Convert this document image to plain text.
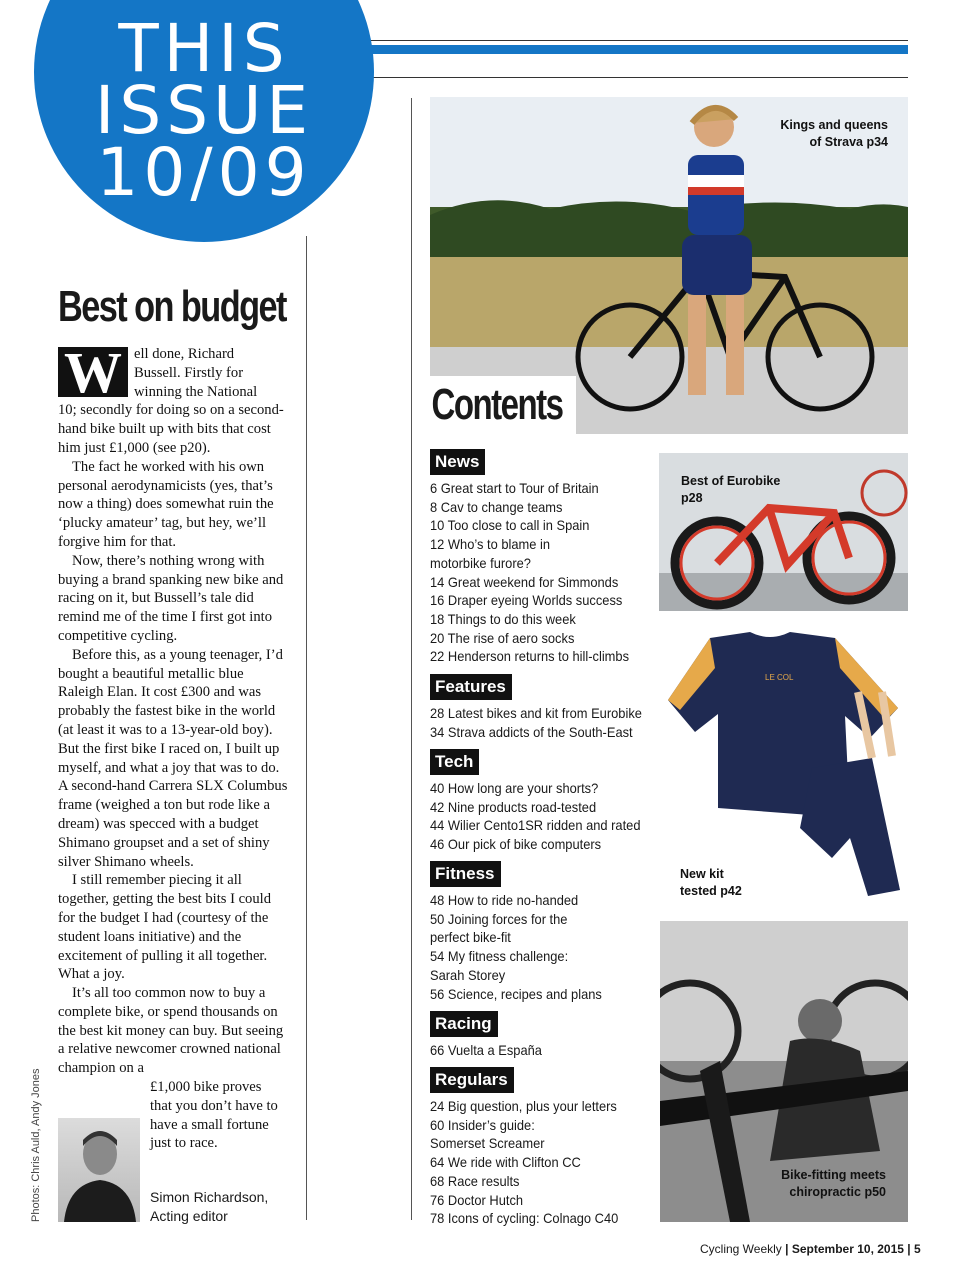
THIS
ISSUE
10/09
Best on budget
W ell done, Richard
Bussell. Firstly for
winning the National

10; secondly for doing so on a second-hand bike built up with bits that cost him just £1,000 (see p20).

The fact he worked with his own personal aerodynamicists (yes, that’s now a thing) does somewhat ruin the ‘plucky amateur’ tag, but hey, we’ll forgive him for that.

Now, there’s nothing wrong with buying a brand spanking new bike and racing on it, but Bussell’s tale did remind me of the time I first got into competitive cycling.

Before this, as a young teenager, I’d bought a beautiful metallic blue Raleigh Elan. It cost £300 and was probably the fastest bike in the world (at least it was to a 13-year-old boy). But the first bike I raced on, I built up myself, and what a joy that was to do. A second-hand Carrera SLX Columbus frame (weighed a ton but rode like a dream) was specced with a budget Shimano groupset and a set of shiny silver Shimano wheels.

I still remember piecing it all together, getting the best bits I could for the budget I had (courtesy of the student loans initiative) and the excitement of pulling it all together. What a joy.

It’s all too common now to buy a complete bike, or spend thousands on the best kit money can buy. But seeing a relative newcomer crowned national champion on a

£1,000 bike proves
that you don’t have to
have a small fortune
just to race.
Simon Richardson,
Acting editor
Photos: Chris Auld, Andy Jones
Kings and queens
of Strava p34
Contents
Best of Eurobike
p28
LE COL
New kit
tested p42
Bike-fitting meets
chiropractic p50
News
6 Great start to Tour of Britain
8 Cav to change teams
10 Too close to call in Spain
12 Who’s to blame in
motorbike furore?
14 Great weekend for Simmonds
16 Draper eyeing Worlds success
18 Things to do this week
20 The rise of aero socks
22 Henderson returns to hill-climbs
Features
28 Latest bikes and kit from Eurobike
34 Strava addicts of the South-East
Tech
40 How long are your shorts?
42 Nine products road-tested
44 Wilier Cento1SR ridden and rated
46 Our pick of bike computers
Fitness
48 How to ride no-handed
50 Joining forces for the
perfect bike-fit
54 My fitness challenge:
Sarah Storey
56 Science, recipes and plans
Racing
66 Vuelta a España
Regulars
24 Big question, plus your letters
60 Insider’s guide:
Somerset Screamer
64 We ride with Clifton CC
68 Race results
76 Doctor Hutch
78 Icons of cycling: Colnago C40
Cycling Weekly | September 10, 2015 | 5
